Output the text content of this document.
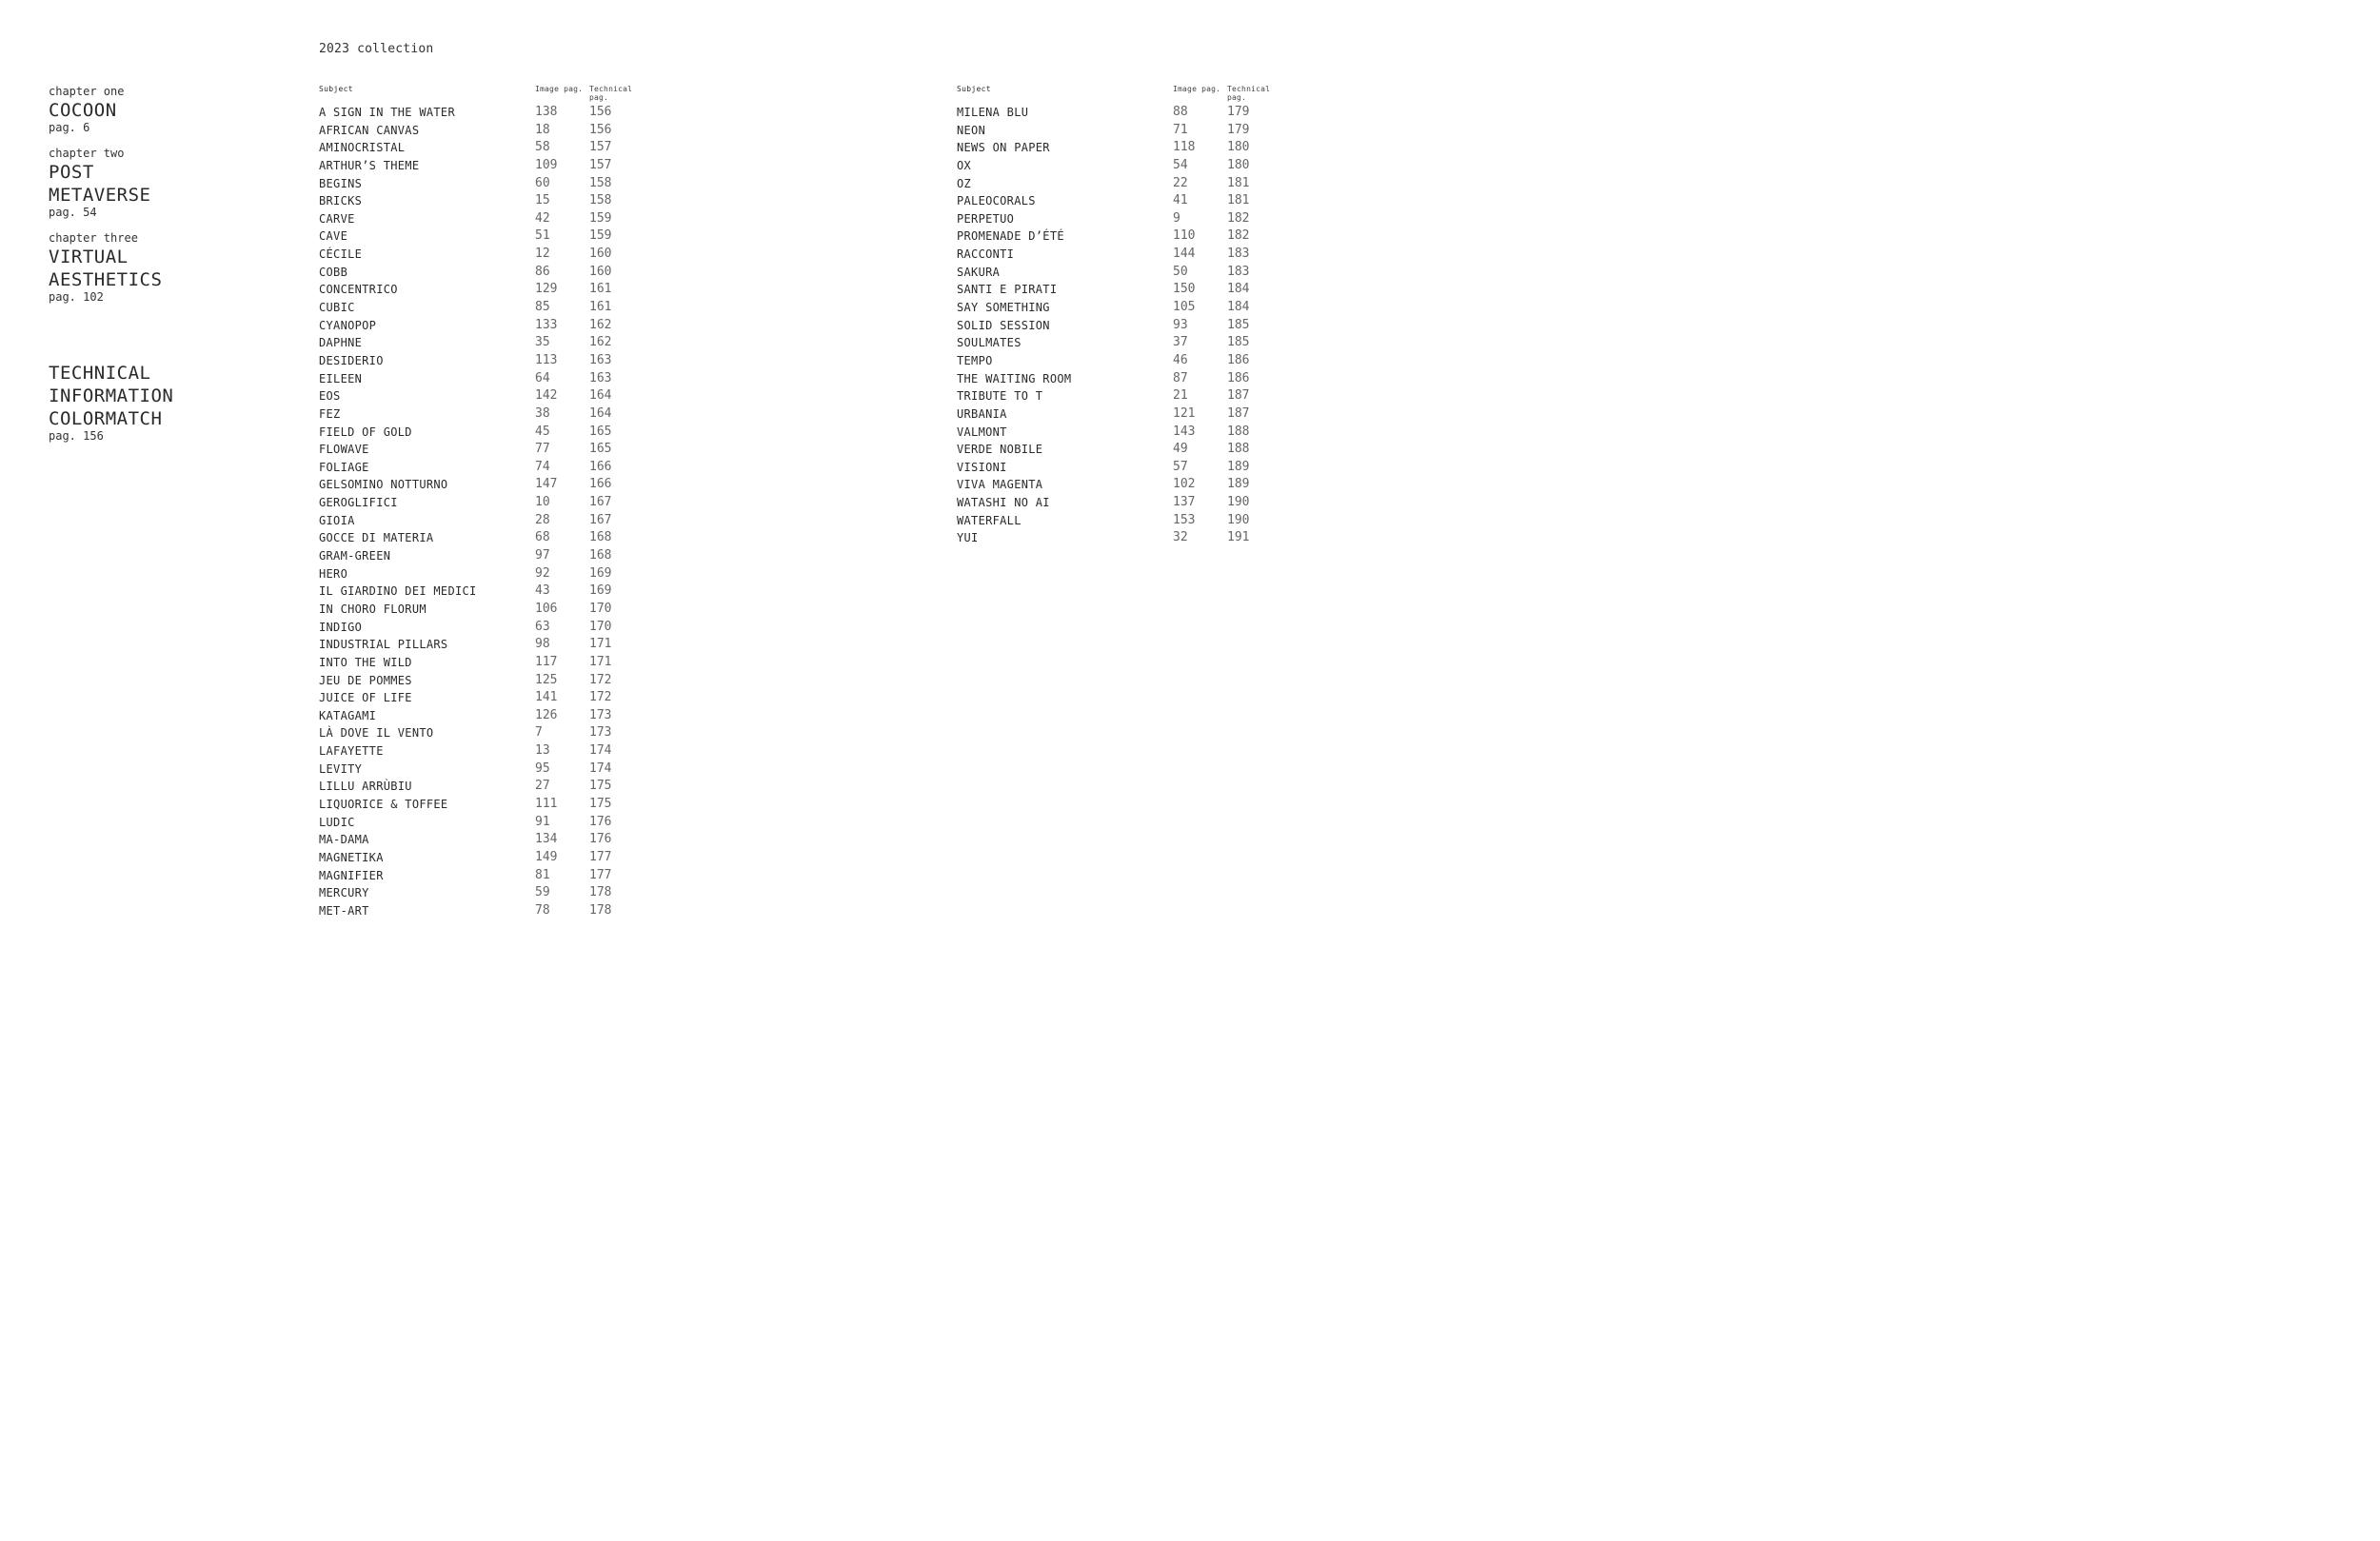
2023 collection
chapter one
COCOON
pag. 6
chapter two
POST
METAVERSE
pag. 54
chapter three
VIRTUAL
AESTHETICS
pag. 102
TECHNICAL
INFORMATION
COLORMATCH
pag. 156
Subject	Image pag. Technical pag.
A SIGN IN THE WATER	138	156
AFRICAN CANVAS	18	156
AMINOCRISTAL	58	157
ARTHUR’S THEME	109	157
BEGINS	60	158
BRICKS	15	158
CARVE	42	159
CAVE	51	159
CÉCILE	12	160
COBB	86	160
CONCENTRICO	129	161
CUBIC	85	161
CYANOPOP	133	162
DAPHNE	35	162
DESIDERIO	113	163
EILEEN	64	163
EOS	142	164
FEZ	38	164
FIELD OF GOLD	45	165
FLOWAVE	77	165
FOLIAGE	74	166
GELSOMINO NOTTURNO	147	166
GEROGLIFICI	10	167
GIOIA	28	167
GOCCE DI MATERIA	68	168
GRAM-GREEN	97	168
HERO	92	169
IL GIARDINO DEI MEDICI	43	169
IN CHORO FLORUM	106	170
INDIGO	63	170
INDUSTRIAL PILLARS	98	171
INTO THE WILD	117	171
JEU DE POMMES	125	172
JUICE OF LIFE	141	172
KATAGAMI	126	173
LÀ DOVE IL VENTO	7	173
LAFAYETTE	13	174
LEVITY	95	174
LILLU ARRÙBIU	27	175
LIQUORICE & TOFFEE	111	175
LUDIC	91	176
MA-DAMA	134	176
MAGNETIKA	149	177
MAGNIFIER	81	177
MERCURY	59	178
MET-ART	78	178
Subject	Image pag. Technical pag.
MILENA BLU	88	179
NEON	71	179
NEWS ON PAPER	118	180
OX	54	180
OZ	22	181
PALEOCORALS	41	181
PERPETUO	9	182
PROMENADE D’ÉTÉ	110	182
RACCONTI	144	183
SAKURA	50	183
SANTI E PIRATI	150	184
SAY SOMETHING	105	184
SOLID SESSION	93	185
SOULMATES	37	185
TEMPO	46	186
THE WAITING ROOM	87	186
TRIBUTE TO T	21	187
URBANIA	121	187
VALMONT	143	188
VERDE NOBILE	49	188
VISIONI	57	189
VIVA MAGENTA	102	189
WATASHI NO AI	137	190
WATERFALL	153	190
YUI	32	191
